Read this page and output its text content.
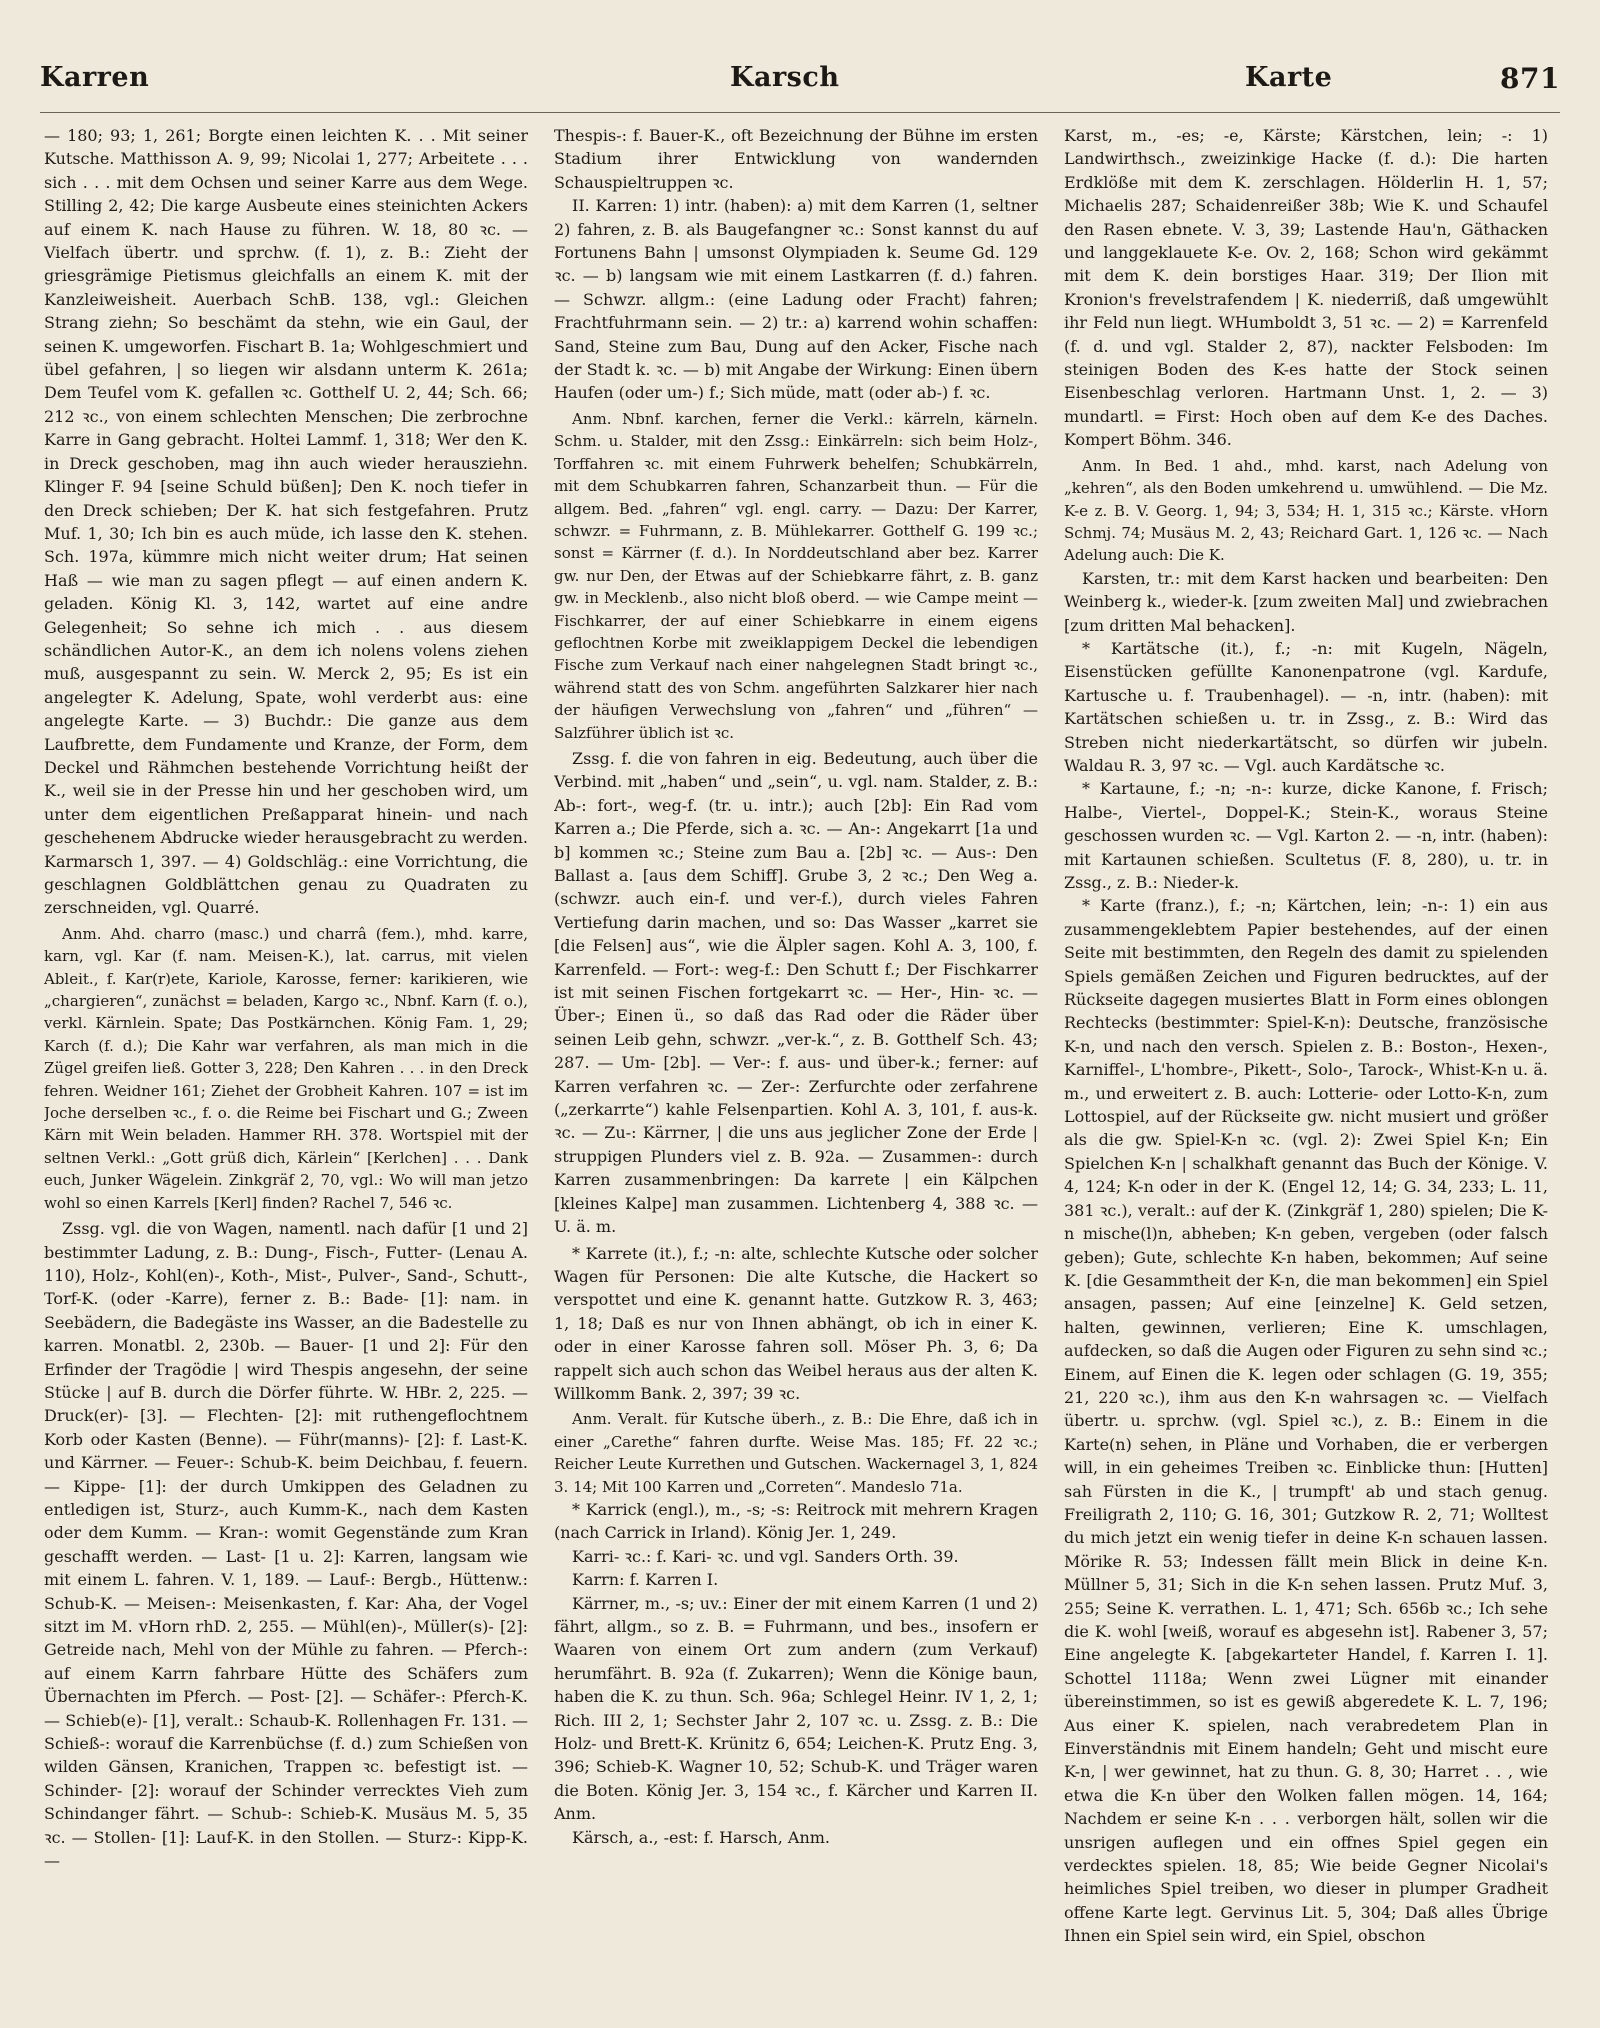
Karren	Karsch	Karte	871

— 180; 93; 1, 261; Borgte einen leichten K. . . Mit seiner Kutsche. Matthisson A. 9, 99; Nicolai 1, 277; Arbeitete . . . sich . . . mit dem Ochsen und seiner Karre aus dem Wege. Stilling 2, 42; Die karge Ausbeute eines steinichten Ackers auf einem K. nach Hause zu führen. W. 18, 80 ꝛc. — Vielfach übertr. und sprchw. (f. 1), z. B.: Zieht der griesgrämige Pietismus gleichfalls an einem K. mit der Kanzleiweisheit. Auerbach SchB. 138, vgl.: Gleichen Strang ziehn; So beschämt da stehn, wie ein Gaul, der seinen K. umgeworfen. Fischart B. 1a; Wohlgeschmiert und übel gefahren, | so liegen wir alsdann unterm K. 261a; Dem Teufel vom K. gefallen ꝛc. Gotthelf U. 2, 44; Sch. 66; 212 ꝛc., von einem schlechten Menschen; Die zerbrochne Karre in Gang gebracht. Holtei Lammf. 1, 318; Wer den K. in Dreck geschoben, mag ihn auch wieder herausziehn. Klinger F. 94 [seine Schuld büßen]; Den K. noch tiefer in den Dreck schieben; Der K. hat sich festgefahren. Prutz Muf. 1, 30; Ich bin es auch müde, ich lasse den K. stehen. Sch. 197a, kümmre mich nicht weiter drum; Hat seinen Haß — wie man zu sagen pflegt — auf einen andern K. geladen. König Kl. 3, 142, wartet auf eine andre Gelegenheit; So sehne ich mich . . aus diesem schändlichen Autor-K., an dem ich nolens volens ziehen muß, ausgespannt zu sein. W. Merck 2, 95; Es ist ein angelegter K. Adelung, Spate, wohl verderbt aus: eine angelegte Karte. — 3) Buchdr.: Die ganze aus dem Laufbrette, dem Fundamente und Kranze, der Form, dem Deckel und Rähmchen bestehende Vorrichtung heißt der K., weil sie in der Presse hin und her geschoben wird, um unter dem eigentlichen Preßapparat hinein- und nach geschehenem Abdrucke wieder herausgebracht zu werden. Karmarsch 1, 397. — 4) Goldschläg.: eine Vorrichtung, die geschlagnen Goldblättchen genau zu Quadraten zu zerschneiden, vgl. Quarré.

Anm. Ahd. charro (masc.) und charrâ (fem.), mhd. karre, karn, vgl. Kar (f. nam. Meisen-K.), lat. carrus, mit vielen Ableit., f. Kar(r)ete, Kariole, Karosse, ferner: karikieren, wie „chargieren“, zunächst = beladen, Kargo ꝛc., Nbnf. Karn (f. o.), verkl. Kärnlein. Spate; Das Postkärnchen. König Fam. 1, 29; Karch (f. d.); Die Kahr war verfahren, als man mich in die Zügel greifen ließ. Gotter 3, 228; Den Kahren . . . in den Dreck fehren. Weidner 161; Ziehet der Grobheit Kahren. 107 = ist im Joche derselben ꝛc., f. o. die Reime bei Fischart und G.; Zween Kärn mit Wein beladen. Hammer RH. 378. Wortspiel mit der seltnen Verkl.: „Gott grüß dich, Kärlein“ [Kerlchen] . . . Dank euch, Junker Wägelein. Zinkgräf 2, 70, vgl.: Wo will man jetzo wohl so einen Karrels [Kerl] finden? Rachel 7, 546 ꝛc.

Zssg. vgl. die von Wagen, namentl. nach dafür [1 und 2] bestimmter Ladung, z. B.: Dung-, Fisch-, Futter- (Lenau A. 110), Holz-, Kohl(en)-, Koth-, Mist-, Pulver-, Sand-, Schutt-, Torf-K. (oder -Karre), ferner z. B.: Bade- [1]: nam. in Seebädern, die Badegäste ins Wasser, an die Badestelle zu karren. Monatbl. 2, 230b. — Bauer- [1 und 2]: Für den Erfinder der Tragödie | wird Thespis angesehn, der seine Stücke | auf B. durch die Dörfer führte. W. HBr. 2, 225. — Druck(er)- [3]. — Flechten- [2]: mit ruthengeflochtnem Korb oder Kasten (Benne). — Führ(manns)- [2]: f. Last-K. und Kärrner. — Feuer-: Schub-K. beim Deichbau, f. feuern. — Kippe- [1]: der durch Umkippen des Geladnen zu entledigen ist, Sturz-, auch Kumm-K., nach dem Kasten oder dem Kumm. — Kran-: womit Gegenstände zum Kran geschafft werden. — Last- [1 u. 2]: Karren, langsam wie mit einem L. fahren. V. 1, 189. — Lauf-: Bergb., Hüttenw.: Schub-K. — Meisen-: Meisenkasten, f. Kar: Aha, der Vogel sitzt im M. vHorn rhD. 2, 255. — Mühl(en)-, Müller(s)- [2]: Getreide nach, Mehl von der Mühle zu fahren. — Pferch-: auf einem Karrn fahrbare Hütte des Schäfers zum Übernachten im Pferch. — Post- [2]. — Schäfer-: Pferch-K. — Schieb(e)- [1], veralt.: Schaub-K. Rollenhagen Fr. 131. — Schieß-: worauf die Karrenbüchse (f. d.) zum Schießen von wilden Gänsen, Kranichen, Trappen ꝛc. befestigt ist. — Schinder- [2]: worauf der Schinder verrecktes Vieh zum Schindanger fährt. — Schub-: Schieb-K. Musäus M. 5, 35 ꝛc. — Stollen- [1]: Lauf-K. in den Stollen. — Sturz-: Kipp-K. —

Thespis-: f. Bauer-K., oft Bezeichnung der Bühne im ersten Stadium ihrer Entwicklung von wandernden Schauspieltruppen ꝛc.

II. Karren: 1) intr. (haben): a) mit dem Karren (1, seltner 2) fahren, z. B. als Baugefangner ꝛc.: Sonst kannst du auf Fortunens Bahn | umsonst Olympiaden k. Seume Gd. 129 ꝛc. — b) langsam wie mit einem Lastkarren (f. d.) fahren. — Schwzr. allgm.: (eine Ladung oder Fracht) fahren; Frachtfuhrmann sein. — 2) tr.: a) karrend wohin schaffen: Sand, Steine zum Bau, Dung auf den Acker, Fische nach der Stadt k. ꝛc. — b) mit Angabe der Wirkung: Einen übern Haufen (oder um-) f.; Sich müde, matt (oder ab-) f. ꝛc.

Anm. Nbnf. karchen, ferner die Verkl.: kärreln, kärneln. Schm. u. Stalder, mit den Zssg.: Einkärreln: sich beim Holz-, Torffahren ꝛc. mit einem Fuhrwerk behelfen; Schubkärreln, mit dem Schubkarren fahren, Schanzarbeit thun. — Für die allgem. Bed. „fahren“ vgl. engl. carry. — Dazu: Der Karrer, schwzr. = Fuhrmann, z. B. Mühlekarrer. Gotthelf G. 199 ꝛc.; sonst = Kärrner (f. d.). In Norddeutschland aber bez. Karrer gw. nur Den, der Etwas auf der Schiebkarre fährt, z. B. ganz gw. in Mecklenb., also nicht bloß oberd. — wie Campe meint — Fischkarrer, der auf einer Schiebkarre in einem eigens geflochtnen Korbe mit zweiklappigem Deckel die lebendigen Fische zum Verkauf nach einer nahgelegnen Stadt bringt ꝛc., während statt des von Schm. angeführten Salzkarer hier nach der häufigen Verwechslung von „fahren“ und „führen“ — Salzführer üblich ist ꝛc.

Zssg. f. die von fahren in eig. Bedeutung, auch über die Verbind. mit „haben“ und „sein“, u. vgl. nam. Stalder, z. B.: Ab-: fort-, weg-f. (tr. u. intr.); auch [2b]: Ein Rad vom Karren a.; Die Pferde, sich a. ꝛc. — An-: Angekarrt [1a und b] kommen ꝛc.; Steine zum Bau a. [2b] ꝛc. — Aus-: Den Ballast a. [aus dem Schiff]. Grube 3, 2 ꝛc.; Den Weg a. (schwzr. auch ein-f. und ver-f.), durch vieles Fahren Vertiefung darin machen, und so: Das Wasser „karret sie [die Felsen] aus“, wie die Älpler sagen. Kohl A. 3, 100, f. Karrenfeld. — Fort-: weg-f.: Den Schutt f.; Der Fischkarrer ist mit seinen Fischen fortgekarrt ꝛc. — Her-, Hin- ꝛc. — Über-; Einen ü., so daß das Rad oder die Räder über seinen Leib gehn, schwzr. „ver-k.“, z. B. Gotthelf Sch. 43; 287. — Um- [2b]. — Ver-: f. aus- und über-k.; ferner: auf Karren verfahren ꝛc. — Zer-: Zerfurchte oder zerfahrene („zerkarrte“) kahle Felsenpartien. Kohl A. 3, 101, f. aus-k. ꝛc. — Zu-: Kärrner, | die uns aus jeglicher Zone der Erde | struppigen Plunders viel z. B. 92a. — Zusammen-: durch Karren zusammenbringen: Da karrete | ein Kälpchen [kleines Kalpe] man zusammen. Lichtenberg 4, 388 ꝛc. — U. ä. m.

* Karrete (it.), f.; -n: alte, schlechte Kutsche oder solcher Wagen für Personen: Die alte Kutsche, die Hackert so verspottet und eine K. genannt hatte. Gutzkow R. 3, 463; 1, 18; Daß es nur von Ihnen abhängt, ob ich in einer K. oder in einer Karosse fahren soll. Möser Ph. 3, 6; Da rappelt sich auch schon das Weibel heraus aus der alten K. Willkomm Bank. 2, 397; 39 ꝛc.

Anm. Veralt. für Kutsche überh., z. B.: Die Ehre, daß ich in einer „Carethe“ fahren durfte. Weise Mas. 185; Ff. 22 ꝛc.; Reicher Leute Kurrethen und Gutschen. Wackernagel 3, 1, 824 3. 14; Mit 100 Karren und „Correten“. Mandeslo 71a.

* Karrick (engl.), m., -s; -s: Reitrock mit mehrern Kragen (nach Carrick in Irland). König Jer. 1, 249.

Karri- ꝛc.: f. Kari- ꝛc. und vgl. Sanders Orth. 39.

Karrn: f. Karren I.

Kärrner, m., -s; uv.: Einer der mit einem Karren (1 und 2) fährt, allgm., so z. B. = Fuhrmann, und bes., insofern er Waaren von einem Ort zum andern (zum Verkauf) herumfährt. B. 92a (f. Zukarren); Wenn die Könige baun, haben die K. zu thun. Sch. 96a; Schlegel Heinr. IV 1, 2, 1; Rich. III 2, 1; Sechster Jahr 2, 107 ꝛc. u. Zssg. z. B.: Die Holz- und Brett-K. Krünitz 6, 654; Leichen-K. Prutz Eng. 3, 396; Schieb-K. Wagner 10, 52; Schub-K. und Träger waren die Boten. König Jer. 3, 154 ꝛc., f. Kärcher und Karren II. Anm.

Kärsch, a., -est: f. Harsch, Anm.

Karst, m., -es; -e, Kärste; Kärstchen, lein; -: 1) Landwirthsch., zweizinkige Hacke (f. d.): Die harten Erdklöße mit dem K. zerschlagen. Hölderlin H. 1, 57; Michaelis 287; Schaidenreißer 38b; Wie K. und Schaufel den Rasen ebnete. V. 3, 39; Lastende Hau'n, Gäthacken und langgeklauete K-e. Ov. 2, 168; Schon wird gekämmt mit dem K. dein borstiges Haar. 319; Der Ilion mit Kronion's frevelstrafendem | K. niederriß, daß umgewühlt ihr Feld nun liegt. WHumboldt 3, 51 ꝛc. — 2) = Karrenfeld (f. d. und vgl. Stalder 2, 87), nackter Felsboden: Im steinigen Boden des K-es hatte der Stock seinen Eisenbeschlag verloren. Hartmann Unst. 1, 2. — 3) mundartl. = First: Hoch oben auf dem K-e des Daches. Kompert Böhm. 346.

Anm. In Bed. 1 ahd., mhd. karst, nach Adelung von „kehren“, als den Boden umkehrend u. umwühlend. — Die Mz. K-e z. B. V. Georg. 1, 94; 3, 534; H. 1, 315 ꝛc.; Kärste. vHorn Schmj. 74; Musäus M. 2, 43; Reichard Gart. 1, 126 ꝛc. — Nach Adelung auch: Die K.

Karsten, tr.: mit dem Karst hacken und bearbeiten: Den Weinberg k., wieder-k. [zum zweiten Mal] und zwiebrachen [zum dritten Mal behacken].

* Kartätsche (it.), f.; -n: mit Kugeln, Nägeln, Eisenstücken gefüllte Kanonenpatrone (vgl. Kardufe, Kartusche u. f. Traubenhagel). — -n, intr. (haben): mit Kartätschen schießen u. tr. in Zssg., z. B.: Wird das Streben nicht niederkartätscht, so dürfen wir jubeln. Waldau R. 3, 97 ꝛc. — Vgl. auch Kardätsche ꝛc.

* Kartaune, f.; -n; -n-: kurze, dicke Kanone, f. Frisch; Halbe-, Viertel-, Doppel-K.; Stein-K., woraus Steine geschossen wurden ꝛc. — Vgl. Karton 2. — -n, intr. (haben): mit Kartaunen schießen. Scultetus (F. 8, 280), u. tr. in Zssg., z. B.: Nieder-k.

* Karte (franz.), f.; -n; Kärtchen, lein; -n-: 1) ein aus zusammengeklebtem Papier bestehendes, auf der einen Seite mit bestimmten, den Regeln des damit zu spielenden Spiels gemäßen Zeichen und Figuren bedrucktes, auf der Rückseite dagegen musiertes Blatt in Form eines oblongen Rechtecks (bestimmter: Spiel-K-n): Deutsche, französische K-n, und nach den versch. Spielen z. B.: Boston-, Hexen-, Karniffel-, L'hombre-, Pikett-, Solo-, Tarock-, Whist-K-n u. ä. m., und erweitert z. B. auch: Lotterie- oder Lotto-K-n, zum Lottospiel, auf der Rückseite gw. nicht musiert und größer als die gw. Spiel-K-n ꝛc. (vgl. 2): Zwei Spiel K-n; Ein Spielchen K-n | schalkhaft genannt das Buch der Könige. V. 4, 124; K-n oder in der K. (Engel 12, 14; G. 34, 233; L. 11, 381 ꝛc.), veralt.: auf der K. (Zinkgräf 1, 280) spielen; Die K-n mische(l)n, abheben; K-n geben, vergeben (oder falsch geben); Gute, schlechte K-n haben, bekommen; Auf seine K. [die Gesammtheit der K-n, die man bekommen] ein Spiel ansagen, passen; Auf eine [einzelne] K. Geld setzen, halten, gewinnen, verlieren; Eine K. umschlagen, aufdecken, so daß die Augen oder Figuren zu sehn sind ꝛc.; Einem, auf Einen die K. legen oder schlagen (G. 19, 355; 21, 220 ꝛc.), ihm aus den K-n wahrsagen ꝛc. — Vielfach übertr. u. sprchw. (vgl. Spiel ꝛc.), z. B.: Einem in die Karte(n) sehen, in Pläne und Vorhaben, die er verbergen will, in ein geheimes Treiben ꝛc. Einblicke thun: [Hutten] sah Fürsten in die K., | trumpft' ab und stach genug. Freiligrath 2, 110; G. 16, 301; Gutzkow R. 2, 71; Wolltest du mich jetzt ein wenig tiefer in deine K-n schauen lassen. Mörike R. 53; Indessen fällt mein Blick in deine K-n. Müllner 5, 31; Sich in die K-n sehen lassen. Prutz Muf. 3, 255; Seine K. verrathen. L. 1, 471; Sch. 656b ꝛc.; Ich sehe die K. wohl [weiß, worauf es abgesehn ist]. Rabener 3, 57; Eine angelegte K. [abgekarteter Handel, f. Karren I. 1]. Schottel 1118a; Wenn zwei Lügner mit einander übereinstimmen, so ist es gewiß abgeredete K. L. 7, 196; Aus einer K. spielen, nach verabredetem Plan in Einverständnis mit Einem handeln; Geht und mischt eure K-n, | wer gewinnet, hat zu thun. G. 8, 30; Harret . . , wie etwa die K-n über den Wolken fallen mögen. 14, 164; Nachdem er seine K-n . . . verborgen hält, sollen wir die unsrigen auflegen und ein offnes Spiel gegen ein verdecktes spielen. 18, 85; Wie beide Gegner Nicolai's heimliches Spiel treiben, wo dieser in plumper Gradheit offene Karte legt. Gervinus Lit. 5, 304; Daß alles Übrige Ihnen ein Spiel sein wird, ein Spiel, obschon
